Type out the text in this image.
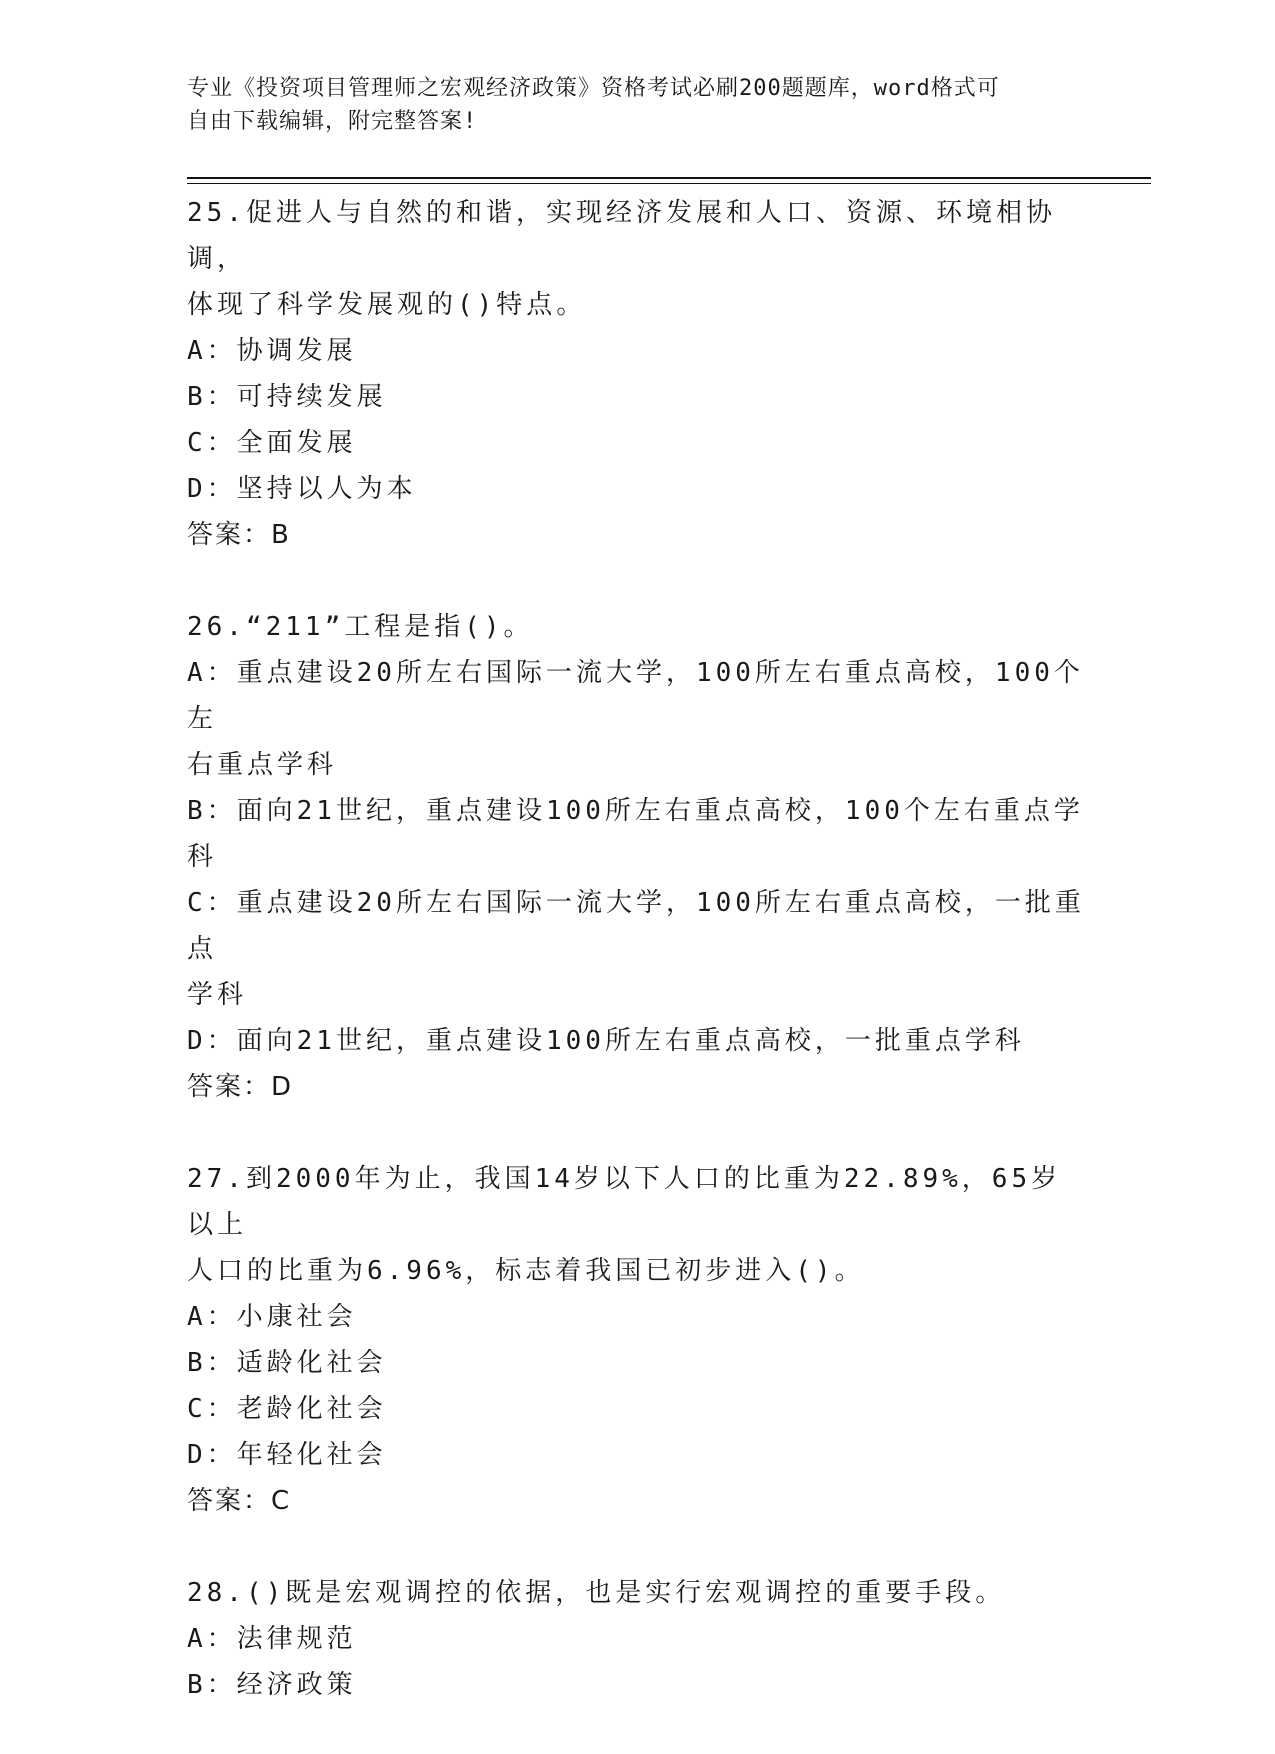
专业《投资项目管理师之宏观经济政策》资格考试必刷200题题库，word格式可
自由下载编辑，附完整答案!
25.促进人与自然的和谐，实现经济发展和人口、资源、环境相协调，
体现了科学发展观的()特点。
A：协调发展
B：可持续发展
C：全面发展
D：坚持以人为本
答案：B
26.“211”工程是指()。
A：重点建设20所左右国际一流大学，100所左右重点高校，100个左
右重点学科
B：面向21世纪，重点建设100所左右重点高校，100个左右重点学科
C：重点建设20所左右国际一流大学，100所左右重点高校，一批重点
学科
D：面向21世纪，重点建设100所左右重点高校，一批重点学科
答案：D
27.到2000年为止，我国14岁以下人口的比重为22.89%，65岁以上
人口的比重为6.96%，标志着我国已初步进入()。
A：小康社会
B：适龄化社会
C：老龄化社会
D：年轻化社会
答案：C
28.()既是宏观调控的依据，也是实行宏观调控的重要手段。
A：法律规范
B：经济政策
